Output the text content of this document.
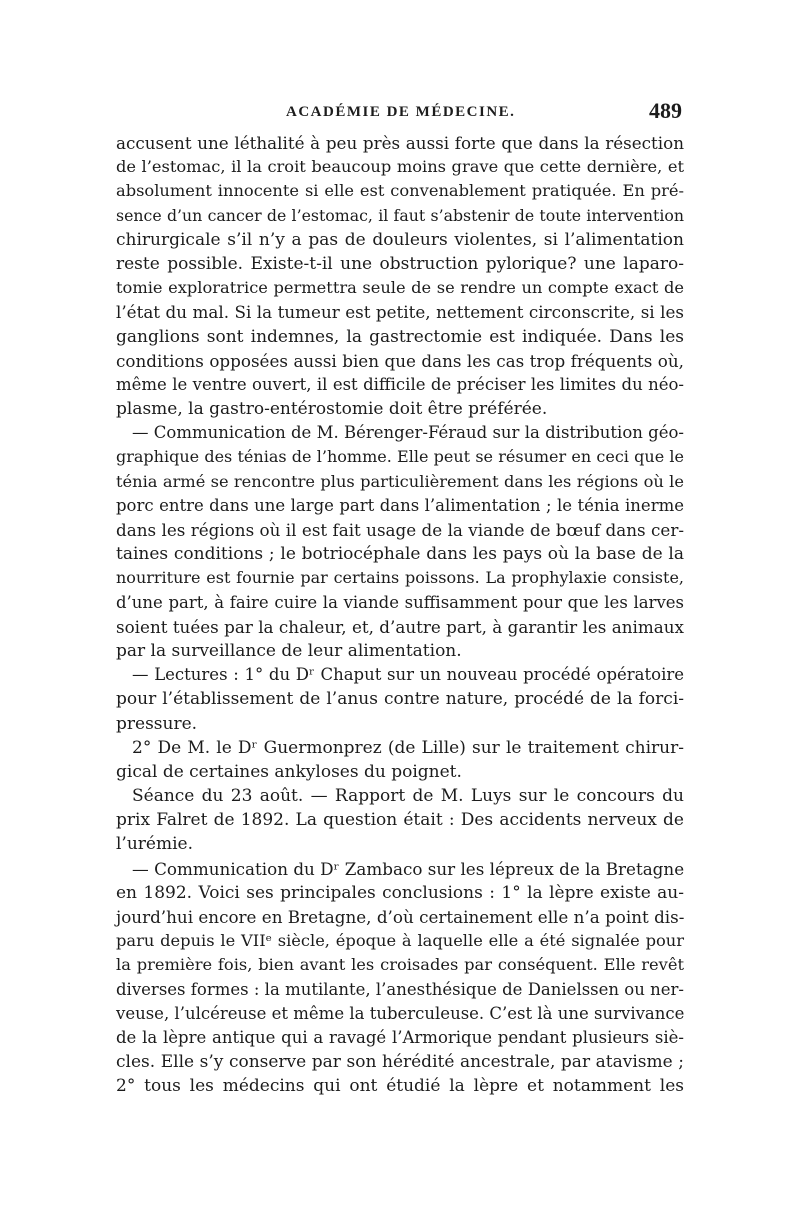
ACADÉMIE DE MÉDECINE.	489
accusent une léthalité à peu près aussi forte que dans la résection
de l’estomac, il la croit beaucoup moins grave que cette dernière, et
absolument innocente si elle est convenablement pratiquée. En pré-
sence d’un cancer de l’estomac, il faut s’abstenir de toute intervention
chirurgicale s’il n’y a pas de douleurs violentes, si l’alimentation
reste possible. Existe-t-il une obstruction pylorique? une laparo-
tomie exploratrice permettra seule de se rendre un compte exact de
l’état du mal. Si la tumeur est petite, nettement circonscrite, si les
ganglions sont indemnes, la gastrectomie est indiquée. Dans les
conditions opposées aussi bien que dans les cas trop fréquents où,
même le ventre ouvert, il est difficile de préciser les limites du néo-
plasme, la gastro-entérostomie doit être préférée.
— Communication de M. Bérenger-Féraud sur la distribution géo-
graphique des ténias de l’homme. Elle peut se résumer en ceci que le
ténia armé se rencontre plus particulièrement dans les régions où le
porc entre dans une large part dans l’alimentation ; le ténia inerme
dans les régions où il est fait usage de la viande de bœuf dans cer-
taines conditions ; le botriocéphale dans les pays où la base de la
nourriture est fournie par certains poissons. La prophylaxie consiste,
d’une part, à faire cuire la viande suffisamment pour que les larves
soient tuées par la chaleur, et, d’autre part, à garantir les animaux
par la surveillance de leur alimentation.
— Lectures : 1° du Dʳ Chaput sur un nouveau procédé opératoire
pour l’établissement de l’anus contre nature, procédé de la forci-
pressure.
2° De M. le Dʳ Guermonprez (de Lille) sur le traitement chirur-
gical de certaines ankyloses du poignet.
Séance du 23 août. — Rapport de M. Luys sur le concours du
prix Falret de 1892. La question était : Des accidents nerveux de
l’urémie.
— Communication du Dʳ Zambaco sur les lépreux de la Bretagne
en 1892. Voici ses principales conclusions : 1° la lèpre existe au-
jourd’hui encore en Bretagne, d’où certainement elle n’a point dis-
paru depuis le VIIᵉ siècle, époque à laquelle elle a été signalée pour
la première fois, bien avant les croisades par conséquent. Elle revêt
diverses formes : la mutilante, l’anesthésique de Danielssen ou ner-
veuse, l’ulcéreuse et même la tuberculeuse. C’est là une survivance
de la lèpre antique qui a ravagé l’Armorique pendant plusieurs siè-
cles. Elle s’y conserve par son hérédité ancestrale, par atavisme ;
2° tous les médecins qui ont étudié la lèpre et notamment les
